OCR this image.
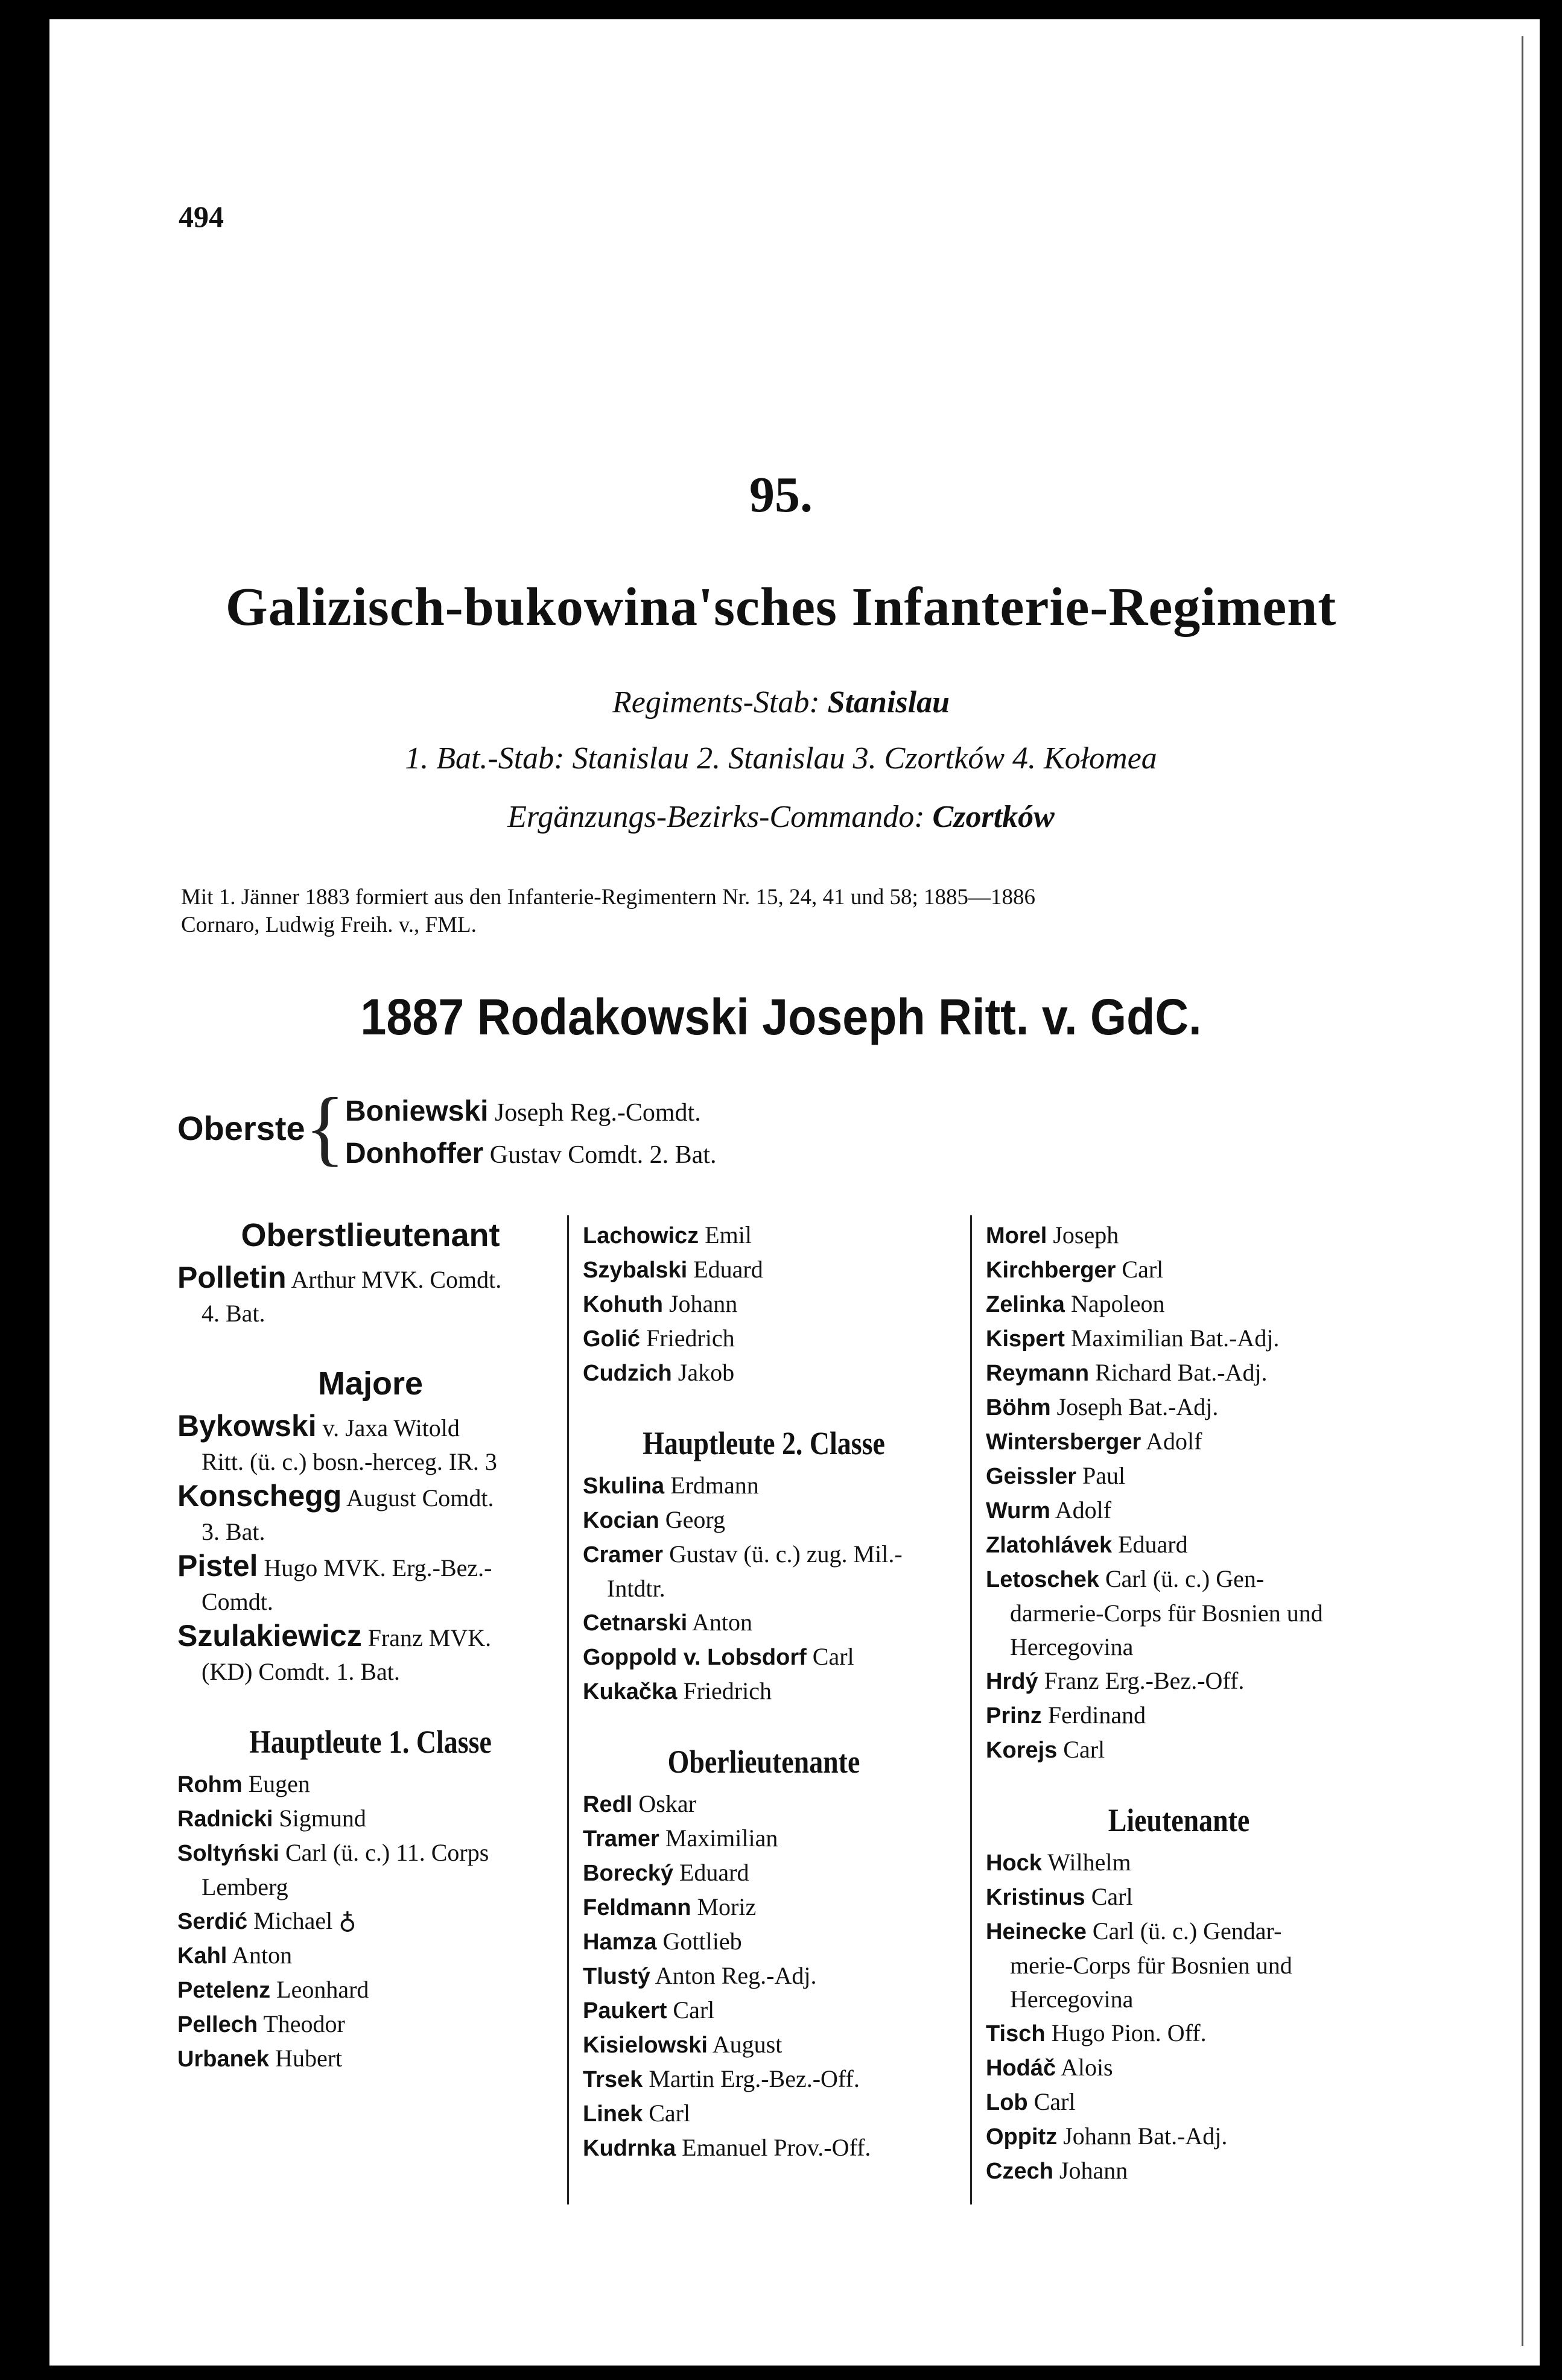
494
95.
Galizisch-bukowina'sches Infanterie-Regiment
Regiments-Stab: Stanislau
1. Bat.-Stab: Stanislau 2. Stanislau 3. Czortków 4. Kołomea
Ergänzungs-Bezirks-Commando: Czortków
Mit 1. Jänner 1883 formiert aus den Infanterie-Regimentern Nr. 15, 24, 41 und 58; 1885—1886
Cornaro, Ludwig Freih. v., FML.
1887 Rodakowski Joseph Ritt. v. GdC.
Oberste { Boniewski Joseph Reg.-Comdt.
Donhoffer Gustav Comdt. 2. Bat.
Oberstlieutenant
Polletin Arthur MVK. Comdt.
4. Bat.
Majore
Bykowski v. Jaxa Witold
Ritt. (ü. c.) bosn.-herceg. IR. 3
Konschegg August Comdt.
3. Bat.
Pistel Hugo MVK. Erg.-Bez.-
Comdt.
Szulakiewicz Franz MVK.
(KD) Comdt. 1. Bat.
Hauptleute 1. Classe
Rohm Eugen
Radnicki Sigmund
Soltyński Carl (ü. c.) 11. Corps
Lemberg
Serdić Michael ♁
Kahl Anton
Petelenz Leonhard
Pellech Theodor
Urbanek Hubert
Lachowicz Emil
Szybalski Eduard
Kohuth Johann
Golić Friedrich
Cudzich Jakob
Hauptleute 2. Classe
Skulina Erdmann
Kocian Georg
Cramer Gustav (ü. c.) zug. Mil.-
Intdtr.
Cetnarski Anton
Goppold v. Lobsdorf Carl
Kukačka Friedrich
Oberlieutenante
Redl Oskar
Tramer Maximilian
Borecký Eduard
Feldmann Moriz
Hamza Gottlieb
Tlustý Anton Reg.-Adj.
Paukert Carl
Kisielowski August
Trsek Martin Erg.-Bez.-Off.
Linek Carl
Kudrnka Emanuel Prov.-Off.
Morel Joseph
Kirchberger Carl
Zelinka Napoleon
Kispert Maximilian Bat.-Adj.
Reymann Richard Bat.-Adj.
Böhm Joseph Bat.-Adj.
Wintersberger Adolf
Geissler Paul
Wurm Adolf
Zlatohlávek Eduard
Letoschek Carl (ü. c.) Gen-
darmerie-Corps für Bosnien und Hercegovina
Hrdý Franz Erg.-Bez.-Off.
Prinz Ferdinand
Korejs Carl
Lieutenante
Hock Wilhelm
Kristinus Carl
Heinecke Carl (ü. c.) Gendar-
merie-Corps für Bosnien und Hercegovina
Tisch Hugo Pion. Off.
Hodáč Alois
Lob Carl
Oppitz Johann Bat.-Adj.
Czech Johann
